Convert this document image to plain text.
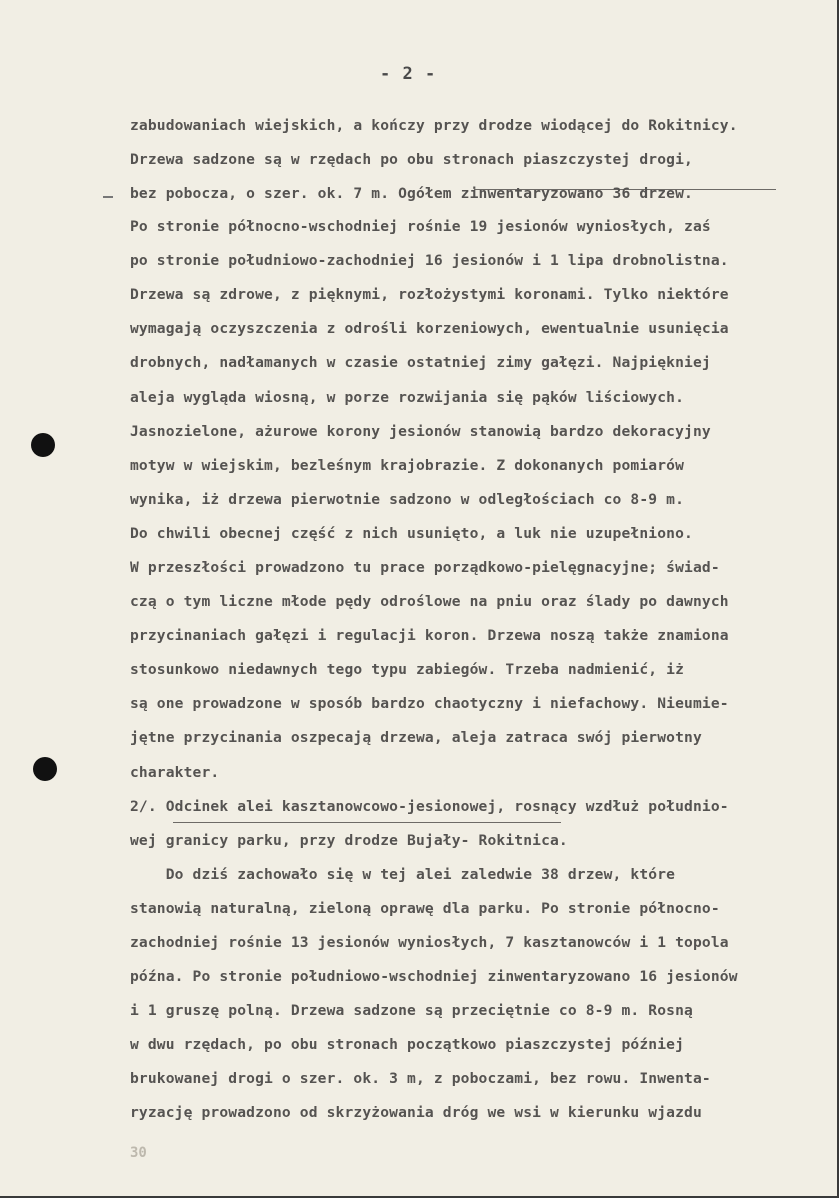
- 2 -
zabudowaniach wiejskich, a kończy przy drodze wiodącej do Rokitnicy.
Drzewa sadzone są w rzędach po obu stronach piaszczystej drogi,
bez pobocza, o szer. ok. 7 m. Ogółem zinwentaryzowano 36 drzew.
Po stronie północno-wschodniej rośnie 19 jesionów wyniosłych, zaś
po stronie południowo-zachodniej 16 jesionów i 1 lipa drobnolistna.
Drzewa są zdrowe, z pięknymi, rozłożystymi koronami. Tylko niektóre
wymagają oczyszczenia z odrośli korzeniowych, ewentualnie usunięcia
drobnych, nadłamanych w czasie ostatniej zimy gałęzi. Najpiękniej
aleja wygląda wiosną, w porze rozwijania się pąków liściowych.
Jasnozielone, ażurowe korony jesionów stanowią bardzo dekoracyjny
motyw w wiejskim, bezleśnym krajobrazie. Z dokonanych pomiarów
wynika, iż drzewa pierwotnie sadzono w odległościach co 8-9 m.
Do chwili obecnej część z nich usunięto, a luk nie uzupełniono.
W przeszłości prowadzono tu prace porządkowo-pielęgnacyjne; świad-
czą o tym liczne młode pędy odroślowe na pniu oraz ślady po dawnych
przycinaniach gałęzi i regulacji koron. Drzewa noszą także znamiona
stosunkowo niedawnych tego typu zabiegów. Trzeba nadmienić, iż
są one prowadzone w sposób bardzo chaotyczny i niefachowy. Nieumie-
jętne przycinania oszpecają drzewa, aleja zatraca swój pierwotny
charakter.
2/. Odcinek alei kasztanowcowo-jesionowej, rosnący wzdłuż południo-
wej granicy parku, przy drodze Bujały- Rokitnica.
Do dziś zachowało się w tej alei zaledwie 38 drzew, które
stanowią naturalną, zieloną oprawę dla parku. Po stronie północno-
zachodniej rośnie 13 jesionów wyniosłych, 7 kasztanowców i 1 topola
późna. Po stronie południowo-wschodniej zinwentaryzowano 16 jesionów
i 1 gruszę polną. Drzewa sadzone są przeciętnie co 8-9 m. Rosną
w dwu rzędach, po obu stronach początkowo piaszczystej później
brukowanej drogi o szer. ok. 3 m, z poboczami, bez rowu. Inwenta-
ryzację prowadzono od skrzyżowania dróg we wsi w kierunku wjazdu
30
